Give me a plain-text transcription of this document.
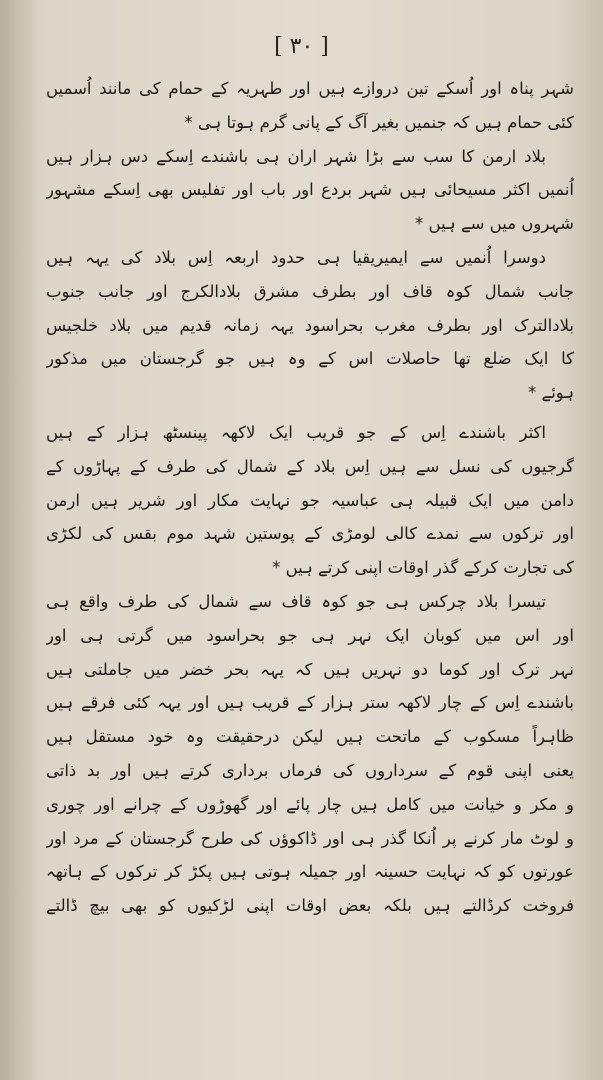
[ ۳۰ ]
شہر پناہ اور اُسکے تین دروازے ہیں اور طہریہ کے حمام کی مانند اُسمیں
کئی حمام ہیں کہ جنمیں بغیر آگ کے پانی گرم ہوتا ہی *
بلاد ارمن کا سب سے بڑا شہر اران ہی باشندے اِسکے دس ہزار ہیں
اُنمیں اکثر مسیحائی ہیں شہر بردع اور باب اور تفلیس بھی اِسکے مشہور
شہروں میں سے ہیں *
دوسرا اُنمیں سے ایمیریقیا ہی حدود اربعہ اِس بلاد کی یہہ ہیں
جانب شمال کوہ قاف اور بطرف مشرق بلادالکرج اور جانب جنوب
بلادالترک اور بطرف مغرب بحراسود یہہ زمانہ قدیم میں بلاد خلجیس
کا ایک ضلع تھا حاصلات اس کے وہ ہیں جو گرجستان میں مذکور
ہوئے *
اکثر باشندے اِس کے جو قریب ایک لاکھہ پینسٹھ ہزار کے ہیں
گرجیوں کی نسل سے ہیں اِس بلاد کے شمال کی طرف کے پہاڑوں کے
دامن میں ایک قبیلہ ہی عباسیہ جو نہایت مکار اور شریر ہیں ارمن
اور ترکوں سے نمدے کالی لومڑی کے پوستین شہد موم بقس کی لکڑی
کی تجارت کرکے گذر اوقات اپنی کرتے ہیں *
تیسرا بلاد چرکس ہی جو کوہ قاف سے شمال کی طرف واقع ہی
اور اس میں کوبان ایک نہر ہی جو بحراسود میں گرتی ہی اور
نہر ترک اور کوما دو نہریں ہیں کہ یہہ بحر خضر میں جاملتی ہیں
باشندے اِس کے چار لاکھہ ستر ہزار کے قریب ہیں اور یہہ کئی فرقے ہیں
ظاہراً مسکوب کے ماتحت ہیں لیکن درحقیقت وہ خود مستقل ہیں
یعنی اپنی قوم کے سرداروں کی فرماں برداری کرتے ہیں اور بد ذاتی
و مکر و خیانت میں کامل ہیں چار پائے اور گھوڑوں کے چرانے اور چوری
و لوٹ مار کرنے پر اُنکا گذر ہی اور ڈاکوؤں کی طرح گرجستان کے مرد اور
عورتوں کو کہ نہایت حسینہ اور جمیلہ ہوتی ہیں پکڑ کر ترکوں کے ہاتھہ
فروخت کرڈالتے ہیں بلکہ بعض اوقات اپنی لڑکیوں کو بھی بیچ ڈالتے
